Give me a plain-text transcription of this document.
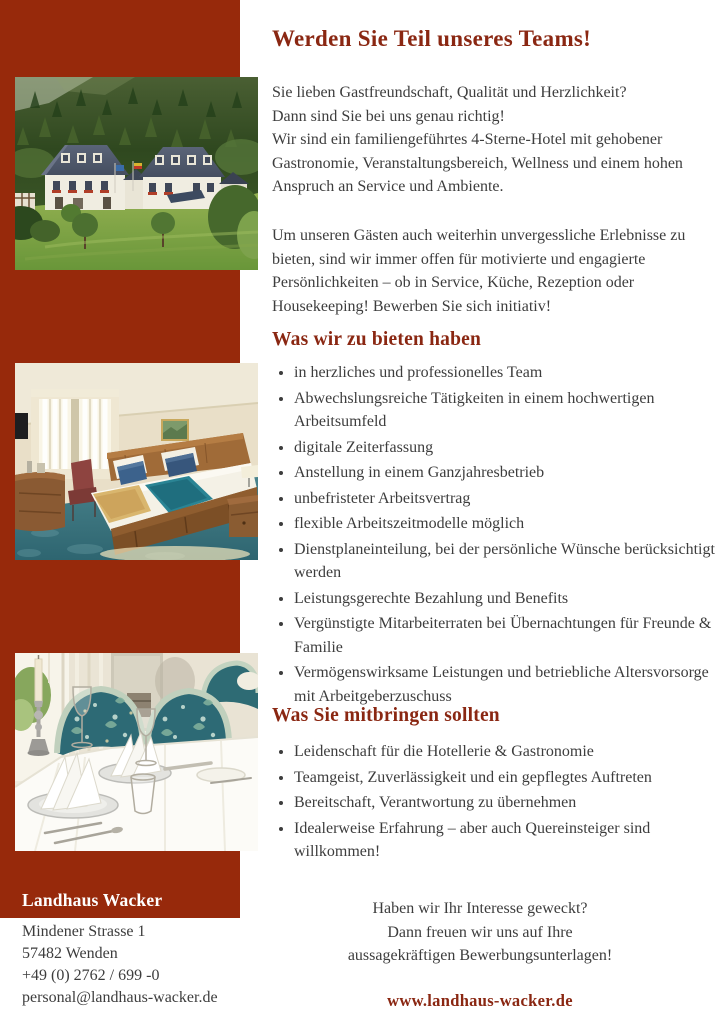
Werden Sie Teil unseres Teams!
Sie lieben Gastfreundschaft, Qualität und Herzlichkeit?
Dann sind Sie bei uns genau richtig!
Wir sind ein familiengeführtes 4-Sterne-Hotel mit gehobener Gastronomie, Veranstaltungsbereich, Wellness und einem hohen Anspruch an Service und Ambiente.
Um unseren Gästen auch weiterhin unvergessliche Erlebnisse zu bieten, sind wir immer offen für motivierte und engagierte Persönlichkeiten – ob in Service, Küche, Rezeption oder Housekeeping! Bewerben Sie sich initiativ!
Was wir zu bieten haben
• in herzliches und professionelles Team
• Abwechslungsreiche Tätigkeiten in einem hochwertigen Arbeitsumfeld
• digitale Zeiterfassung
• Anstellung in einem Ganzjahresbetrieb
• unbefristeter Arbeitsvertrag
• flexible Arbeitszeitmodelle möglich
• Dienstplaneinteilung, bei der persönliche Wünsche berücksichtigt werden
• Leistungsgerechte Bezahlung und Benefits
• Vergünstigte Mitarbeiterraten bei Übernachtungen für Freunde & Familie
• Vermögenswirksame Leistungen und betriebliche Altersvorsorge mit Arbeitgeberzuschuss
Was Sie mitbringen sollten
• Leidenschaft für die Hotellerie & Gastronomie
• Teamgeist, Zuverlässigkeit und ein gepflegtes Auftreten
• Bereitschaft, Verantwortung zu übernehmen
• Idealerweise Erfahrung – aber auch Quereinsteiger sind willkommen!
Landhaus Wacker
Mindener Strasse 1
57482 Wenden
+49 (0) 2762 / 699 -0
personal@landhaus-wacker.de
Haben wir Ihr Interesse geweckt?
Dann freuen wir uns auf Ihre
aussagekräftigen Bewerbungsunterlagen!
www.landhaus-wacker.de
